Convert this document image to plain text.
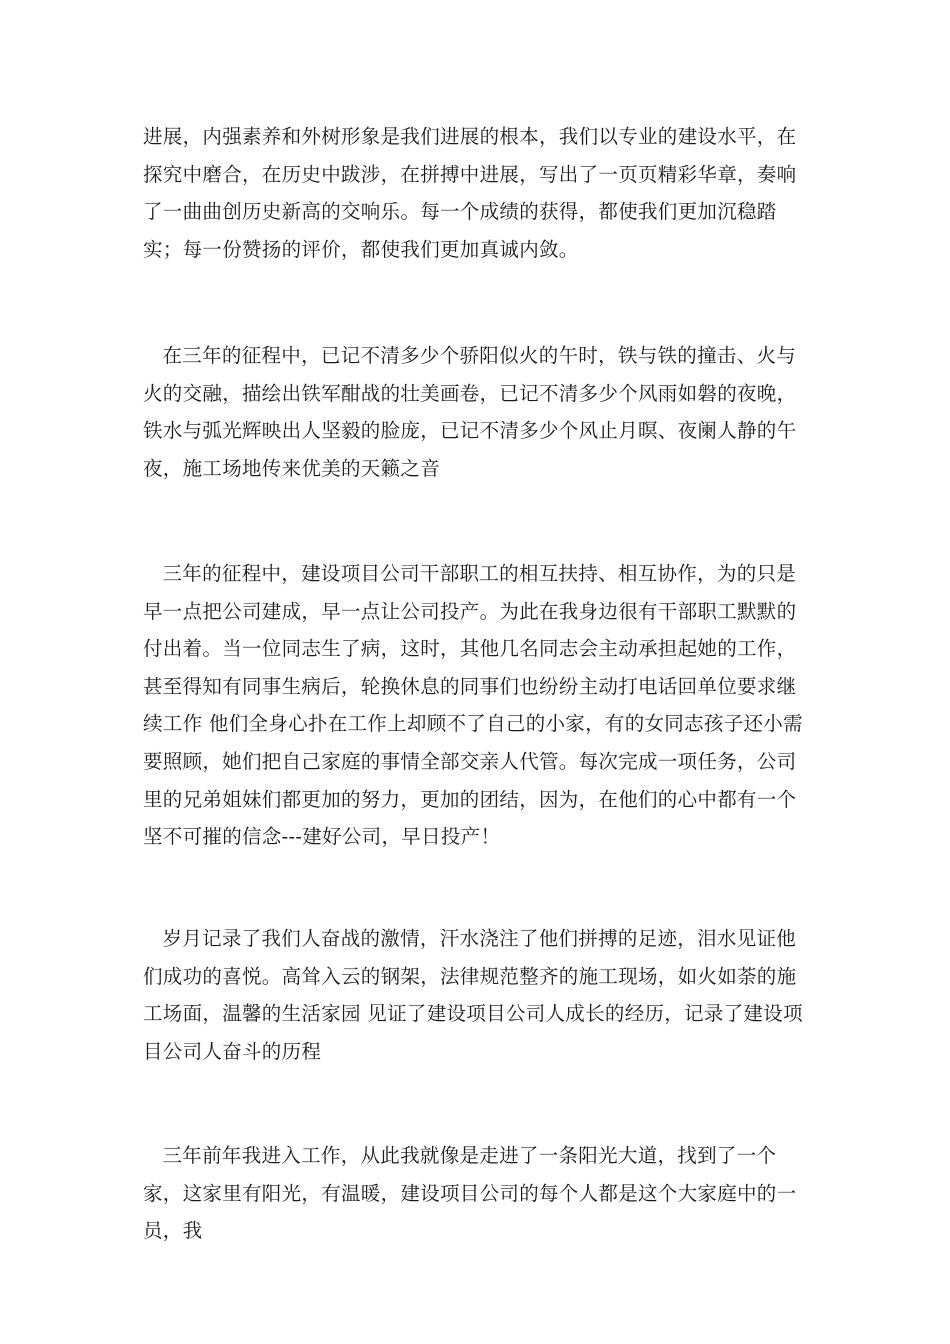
进展，内强素养和外树形象是我们进展的根本，我们以专业的建设水平，在探究中磨合，在历史中跋涉，在拼搏中进展，写出了一页页精彩华章，奏响了一曲曲创历史新高的交响乐。每一个成绩的获得，都使我们更加沉稳踏实；每一份赞扬的评价，都使我们更加真诚内敛。

在三年的征程中，已记不清多少个骄阳似火的午时，铁与铁的撞击、火与火的交融，描绘出铁军酣战的壮美画卷，已记不清多少个风雨如磐的夜晚，铁水与弧光辉映出人坚毅的脸庞，已记不清多少个风止月暝、夜阑人静的午夜，施工场地传来优美的天籁之音

三年的征程中，建设项目公司干部职工的相互扶持、相互协作，为的只是早一点把公司建成，早一点让公司投产。为此在我身边很有干部职工默默的付出着。当一位同志生了病，这时，其他几名同志会主动承担起她的工作，甚至得知有同事生病后，轮换休息的同事们也纷纷主动打电话回单位要求继续工作 他们全身心扑在工作上却顾不了自己的小家，有的女同志孩子还小需要照顾，她们把自己家庭的事情全部交亲人代管。每次完成一项任务，公司里的兄弟姐妹们都更加的努力，更加的团结，因为，在他们的心中都有一个坚不可摧的信念---建好公司，早日投产！

岁月记录了我们人奋战的激情，汗水浇注了他们拼搏的足迹，泪水见证他们成功的喜悦。高耸入云的钢架，法律规范整齐的施工现场，如火如荼的施工场面，温馨的生活家园 见证了建设项目公司人成长的经历，记录了建设项目公司人奋斗的历程

三年前年我进入工作，从此我就像是走进了一条阳光大道，找到了一个家，这家里有阳光，有温暖，建设项目公司的每个人都是这个大家庭中的一员，我
